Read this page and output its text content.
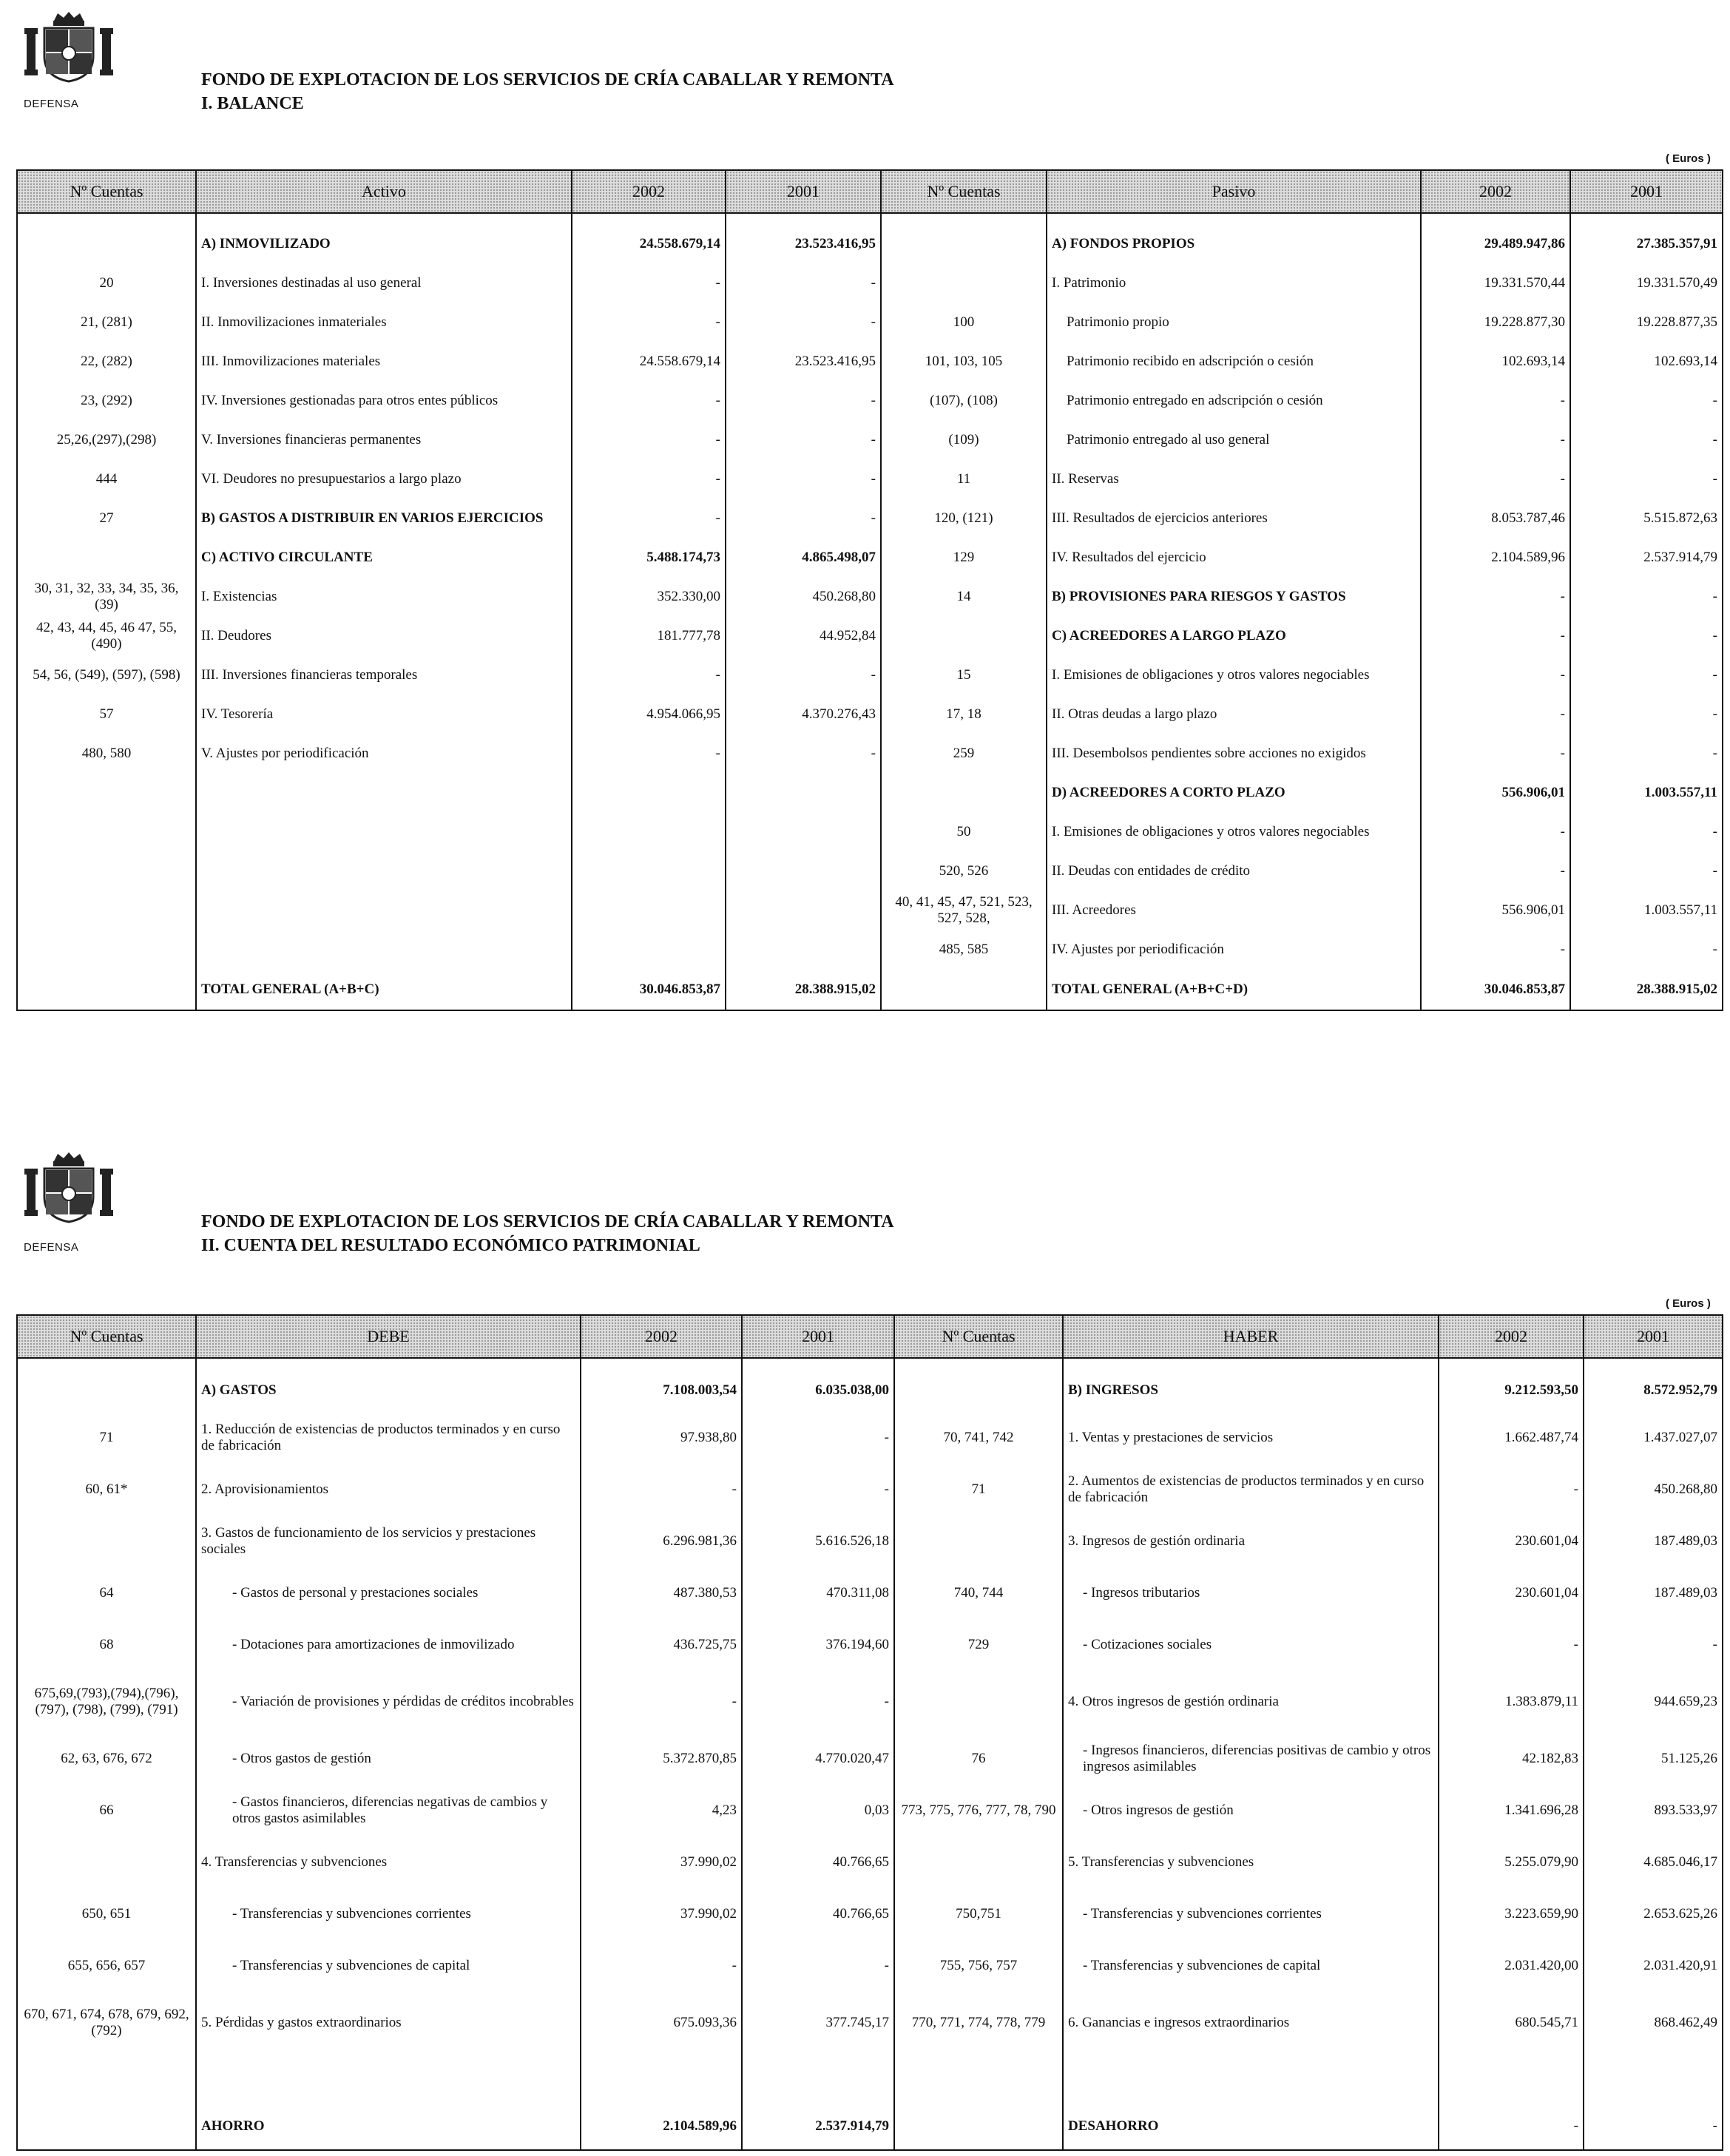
DEFENSA
FONDO DE EXPLOTACION DE LOS SERVICIOS DE CRÍA CABALLAR Y REMONTA
I. BALANCE
( Euros )
Nº Cuentas	Activo	2002	2001	Nº Cuentas	Pasivo	2002	2001

	A) INMOVILIZADO	24.558.679,14	23.523.416,95		A) FONDOS PROPIOS	29.489.947,86	27.385.357,91
20	I. Inversiones destinadas al uso general	-	-		I. Patrimonio	19.331.570,44	19.331.570,49
21, (281)	II. Inmovilizaciones inmateriales	-	-	100	Patrimonio propio	19.228.877,30	19.228.877,35
22, (282)	III. Inmovilizaciones materiales	24.558.679,14	23.523.416,95	101, 103, 105	Patrimonio recibido en adscripción o cesión	102.693,14	102.693,14
23, (292)	IV. Inversiones gestionadas para otros entes públicos	-	-	(107), (108)	Patrimonio entregado en adscripción o cesión	-	-
25,26,(297),(298)	V. Inversiones financieras permanentes	-	-	(109)	Patrimonio entregado al uso general	-	-
444	VI. Deudores no presupuestarios a largo plazo	-	-	11	II. Reservas	-	-
27	B) GASTOS A DISTRIBUIR EN VARIOS EJERCICIOS	-	-	120, (121)	III. Resultados de ejercicios anteriores	8.053.787,46	5.515.872,63
	C) ACTIVO CIRCULANTE	5.488.174,73	4.865.498,07	129	IV. Resultados del ejercicio	2.104.589,96	2.537.914,79
30, 31, 32, 33, 34, 35, 36, (39)	I. Existencias	352.330,00	450.268,80	14	B) PROVISIONES PARA RIESGOS Y GASTOS	-	-
42, 43, 44, 45, 46 47, 55, (490)	II. Deudores	181.777,78	44.952,84		C) ACREEDORES A LARGO PLAZO	-	-
54, 56, (549), (597), (598)	III. Inversiones financieras temporales	-	-	15	I. Emisiones de obligaciones y otros valores negociables	-	-
57	IV. Tesorería	4.954.066,95	4.370.276,43	17, 18	II. Otras deudas a largo plazo	-	-
480, 580	V. Ajustes por periodificación	-	-	259	III. Desembolsos pendientes sobre acciones no exigidos	-	-
					D) ACREEDORES A CORTO PLAZO	556.906,01	1.003.557,11
				50	I. Emisiones de obligaciones y otros valores negociables	-	-
				520, 526	II. Deudas con entidades de crédito	-	-
				40, 41, 45, 47, 521, 523, 527, 528,	III. Acreedores	556.906,01	1.003.557,11
				485, 585	IV. Ajustes por periodificación	-	-
	TOTAL GENERAL (A+B+C)	30.046.853,87	28.388.915,02		TOTAL GENERAL (A+B+C+D)	30.046.853,87	28.388.915,02
DEFENSA
FONDO DE EXPLOTACION DE LOS SERVICIOS DE CRÍA CABALLAR Y REMONTA
II. CUENTA DEL RESULTADO ECONÓMICO PATRIMONIAL
( Euros )
Nº Cuentas	DEBE	2002	2001	Nº Cuentas	HABER	2002	2001

	A) GASTOS	7.108.003,54	6.035.038,00		B) INGRESOS	9.212.593,50	8.572.952,79
71	1. Reducción de existencias de productos terminados y en curso de fabricación	97.938,80	-	70, 741, 742	1. Ventas y prestaciones de servicios	1.662.487,74	1.437.027,07
60, 61*	2. Aprovisionamientos	-	-	71	2. Aumentos de existencias de productos terminados y en curso de fabricación	-	450.268,80
	3. Gastos de funcionamiento de los servicios y prestaciones sociales	6.296.981,36	5.616.526,18		3. Ingresos de gestión ordinaria	230.601,04	187.489,03
64	- Gastos de personal y prestaciones sociales	487.380,53	470.311,08	740, 744	- Ingresos tributarios	230.601,04	187.489,03
68	- Dotaciones para amortizaciones de inmovilizado	436.725,75	376.194,60	729	- Cotizaciones sociales	-	-
675,69,(793),(794),(796), (797), (798), (799), (791)	- Variación de provisiones y pérdidas de créditos incobrables	-	-		4. Otros ingresos de gestión ordinaria	1.383.879,11	944.659,23
62, 63, 676, 672	- Otros gastos de gestión	5.372.870,85	4.770.020,47	76	- Ingresos financieros, diferencias positivas de cambio y otros ingresos asimilables	42.182,83	51.125,26
66	- Gastos financieros, diferencias negativas de cambios y otros gastos asimilables	4,23	0,03	773, 775, 776, 777, 78, 790	- Otros ingresos de gestión	1.341.696,28	893.533,97
	4. Transferencias y subvenciones	37.990,02	40.766,65		5. Transferencias y subvenciones	5.255.079,90	4.685.046,17
650, 651	- Transferencias y subvenciones corrientes	37.990,02	40.766,65	750,751	- Transferencias y subvenciones corrientes	3.223.659,90	2.653.625,26
655, 656, 657	- Transferencias y subvenciones de capital	-	-	755, 756, 757	- Transferencias y subvenciones de capital	2.031.420,00	2.031.420,91
670, 671, 674, 678, 679, 692,(792)	5. Pérdidas y gastos extraordinarios	675.093,36	377.745,17	770, 771, 774, 778, 779	6. Ganancias e ingresos extraordinarios	680.545,71	868.462,49
	AHORRO	2.104.589,96	2.537.914,79		DESAHORRO	-	-
